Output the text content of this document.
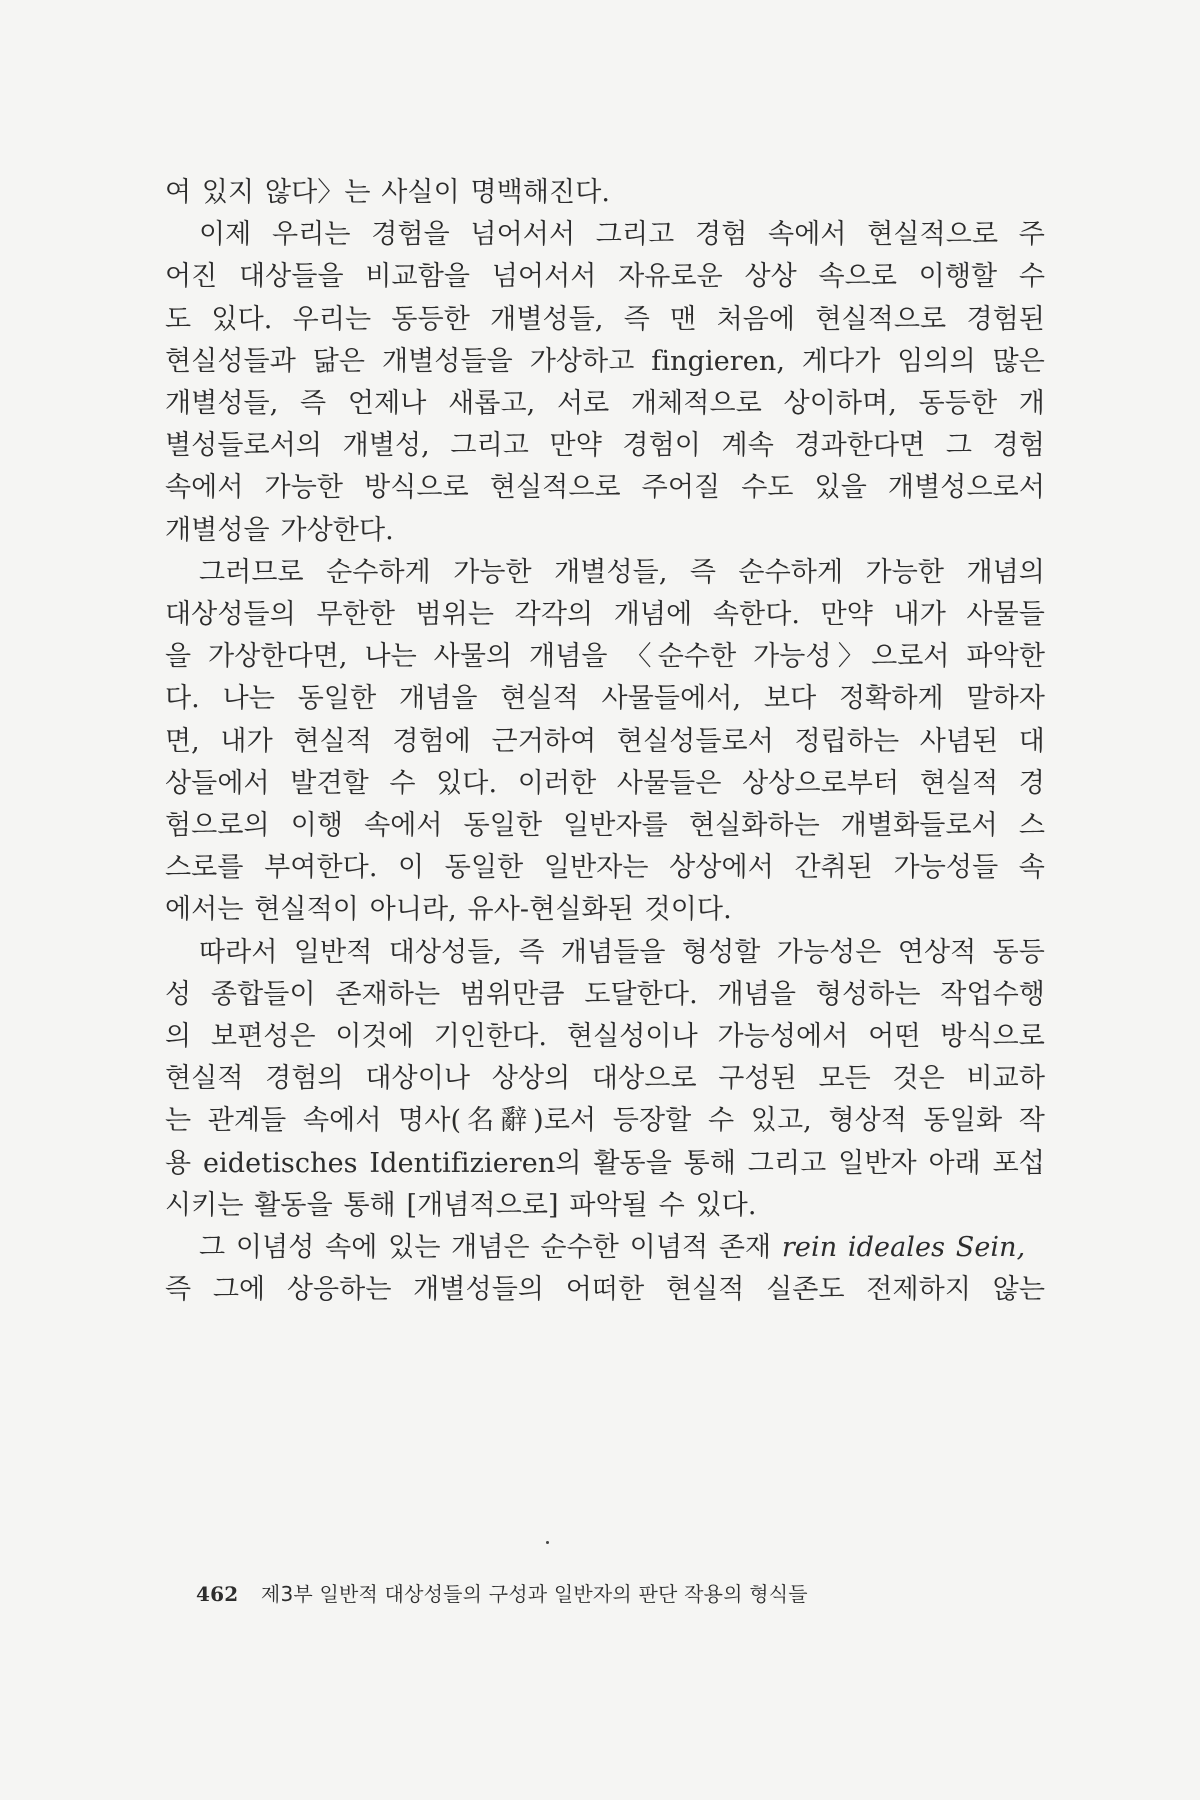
여 있지 않다〉는 사실이 명백해진다.
이제 우리는 경험을 넘어서서 그리고 경험 속에서 현실적으로 주
어진 대상들을 비교함을 넘어서서 자유로운 상상 속으로 이행할 수
도 있다. 우리는 동등한 개별성들, 즉 맨 처음에 현실적으로 경험된
현실성들과 닮은 개별성들을 가상하고 fingieren, 게다가 임의의 많은
개별성들, 즉 언제나 새롭고, 서로 개체적으로 상이하며, 동등한 개
별성들로서의 개별성, 그리고 만약 경험이 계속 경과한다면 그 경험
속에서 가능한 방식으로 현실적으로 주어질 수도 있을 개별성으로서
개별성을 가상한다.
그러므로 순수하게 가능한 개별성들, 즉 순수하게 가능한 개념의
대상성들의 무한한 범위는 각각의 개념에 속한다. 만약 내가 사물들
을 가상한다면, 나는 사물의 개념을 〈순수한 가능성〉으로서 파악한
다. 나는 동일한 개념을 현실적 사물들에서, 보다 정확하게 말하자
면, 내가 현실적 경험에 근거하여 현실성들로서 정립하는 사념된 대
상들에서 발견할 수 있다. 이러한 사물들은 상상으로부터 현실적 경
험으로의 이행 속에서 동일한 일반자를 현실화하는 개별화들로서 스
스로를 부여한다. 이 동일한 일반자는 상상에서 간취된 가능성들 속
에서는 현실적이 아니라, 유사-현실화된 것이다.
따라서 일반적 대상성들, 즉 개념들을 형성할 가능성은 연상적 동등
성 종합들이 존재하는 범위만큼 도달한다. 개념을 형성하는 작업수행
의 보편성은 이것에 기인한다. 현실성이나 가능성에서 어떤 방식으로
현실적 경험의 대상이나 상상의 대상으로 구성된 모든 것은 비교하
는 관계들 속에서 명사(名辭)로서 등장할 수 있고, 형상적 동일화 작
용 eidetisches Identifizieren의 활동을 통해 그리고 일반자 아래 포섭
시키는 활동을 통해 [개념적으로] 파악될 수 있다.
그 이념성 속에 있는 개념은 순수한 이념적 존재 rein ideales Sein,
즉 그에 상응하는 개별성들의 어떠한 현실적 실존도 전제하지 않는
462 제3부 일반적 대상성들의 구성과 일반자의 판단 작용의 형식들
